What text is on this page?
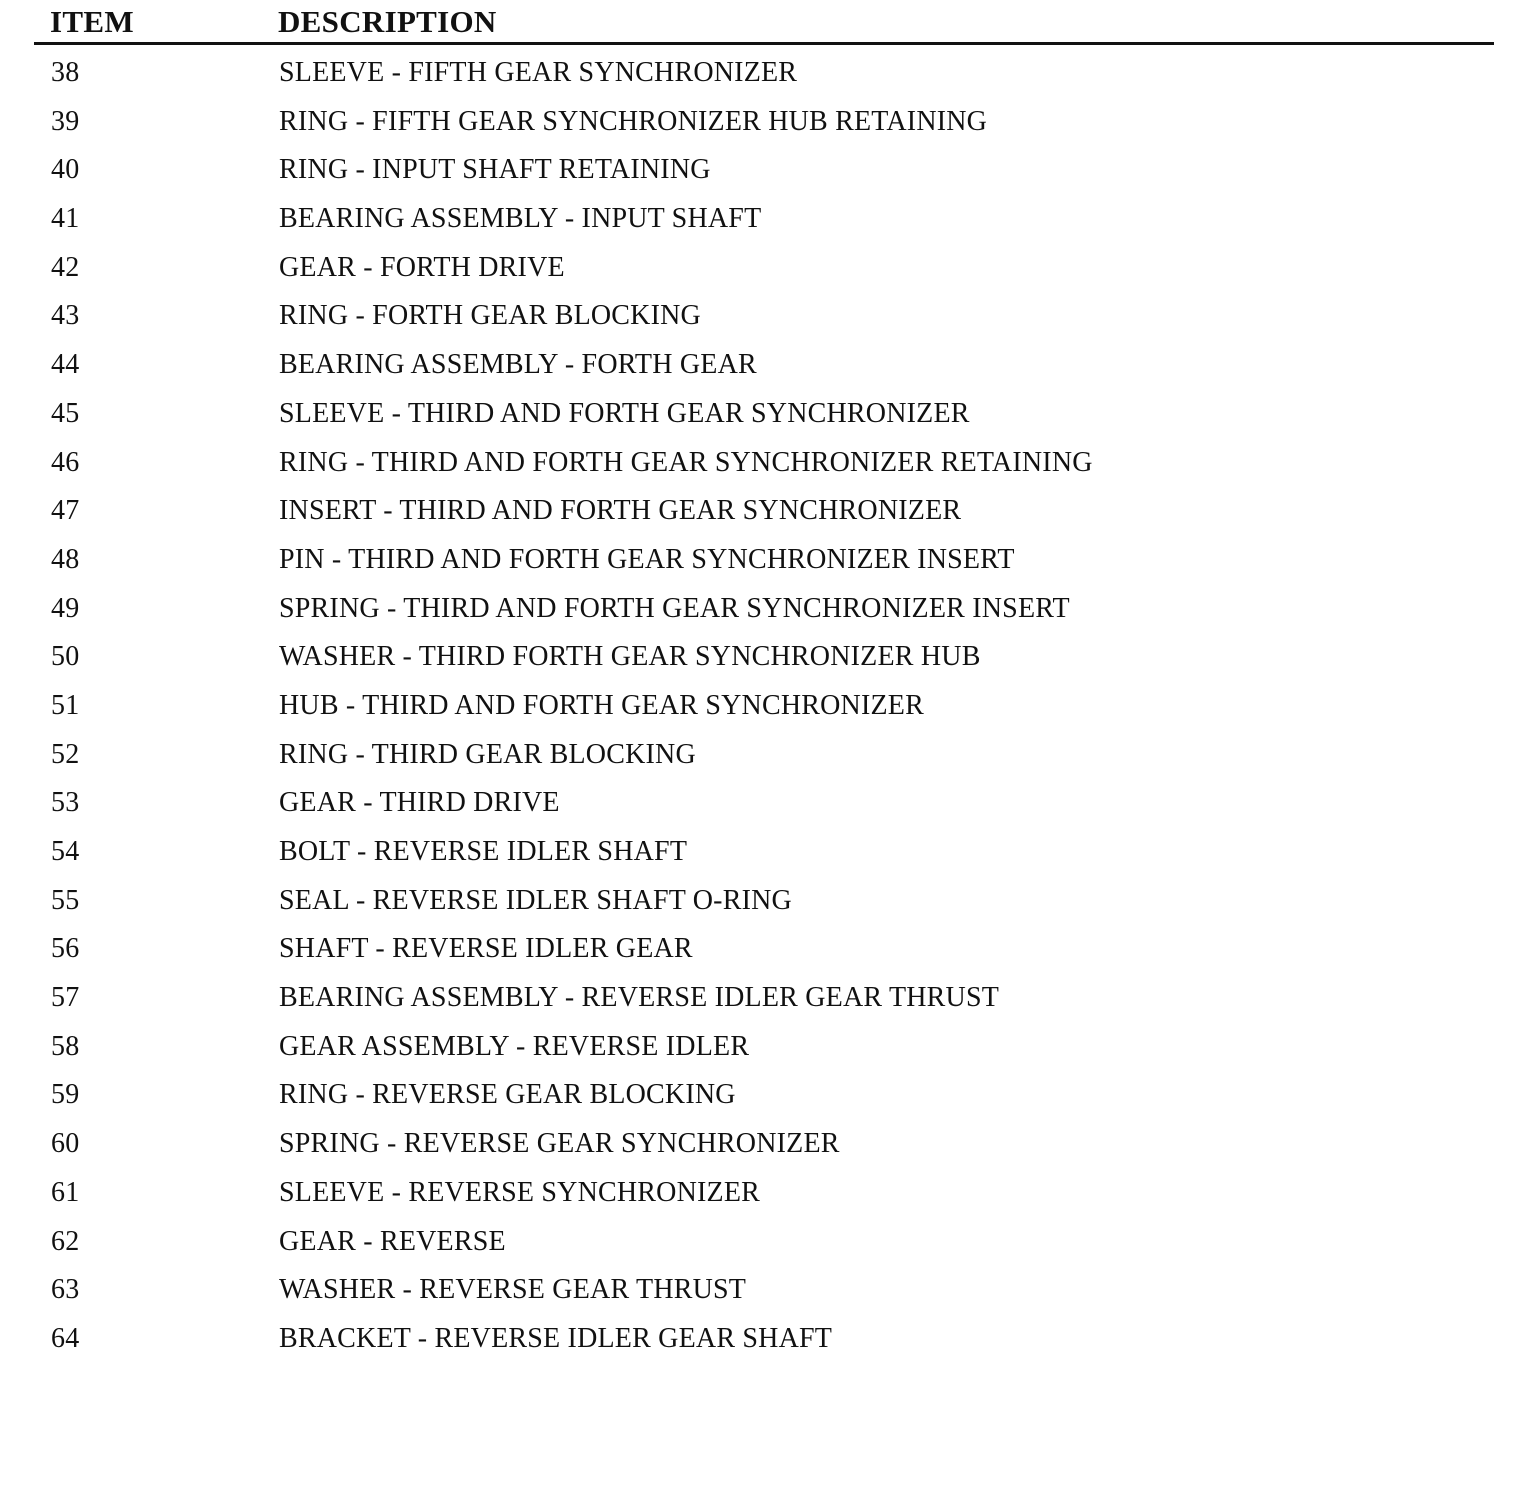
ITEM	DESCRIPTION
38	SLEEVE - FIFTH GEAR SYNCHRONIZER
39	RING - FIFTH GEAR SYNCHRONIZER HUB RETAINING
40	RING - INPUT SHAFT RETAINING
41	BEARING ASSEMBLY - INPUT SHAFT
42	GEAR - FORTH DRIVE
43	RING - FORTH GEAR BLOCKING
44	BEARING ASSEMBLY - FORTH GEAR
45	SLEEVE - THIRD AND FORTH GEAR SYNCHRONIZER
46	RING - THIRD AND FORTH GEAR SYNCHRONIZER RETAINING
47	INSERT - THIRD AND FORTH GEAR SYNCHRONIZER
48	PIN - THIRD AND FORTH GEAR SYNCHRONIZER INSERT
49	SPRING - THIRD AND FORTH GEAR SYNCHRONIZER INSERT
50	WASHER - THIRD FORTH GEAR SYNCHRONIZER HUB
51	HUB - THIRD AND FORTH GEAR SYNCHRONIZER
52	RING - THIRD GEAR BLOCKING
53	GEAR - THIRD DRIVE
54	BOLT - REVERSE IDLER SHAFT
55	SEAL - REVERSE IDLER SHAFT O-RING
56	SHAFT - REVERSE IDLER GEAR
57	BEARING ASSEMBLY - REVERSE IDLER GEAR THRUST
58	GEAR ASSEMBLY - REVERSE IDLER
59	RING - REVERSE GEAR BLOCKING
60	SPRING - REVERSE GEAR SYNCHRONIZER
61	SLEEVE - REVERSE SYNCHRONIZER
62	GEAR - REVERSE
63	WASHER - REVERSE GEAR THRUST
64	BRACKET - REVERSE IDLER GEAR SHAFT
